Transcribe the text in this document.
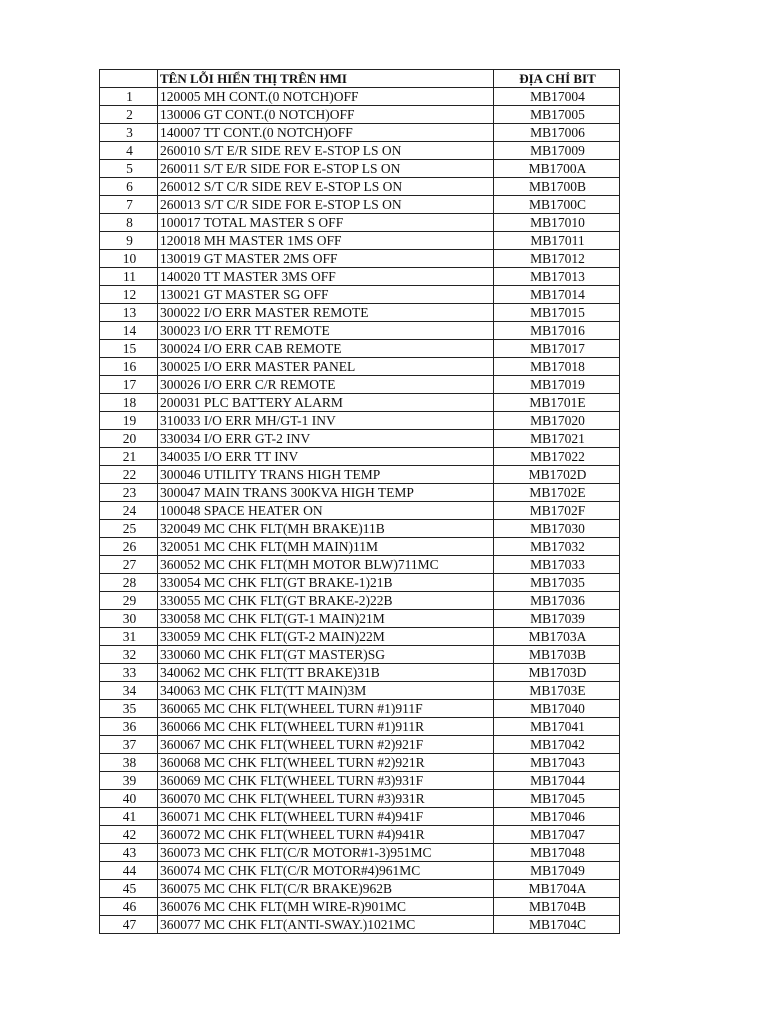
	TÊN LỖI HIỂN THỊ TRÊN HMI	ĐỊA CHỈ BIT
1	120005 MH CONT.(0 NOTCH)OFF	MB17004
2	130006 GT CONT.(0 NOTCH)OFF	MB17005
3	140007 TT CONT.(0 NOTCH)OFF	MB17006
4	260010 S/T E/R SIDE REV E-STOP LS ON	MB17009
5	260011 S/T E/R SIDE FOR E-STOP LS ON	MB1700A
6	260012 S/T C/R SIDE REV E-STOP LS ON	MB1700B
7	260013 S/T C/R SIDE FOR E-STOP LS ON	MB1700C
8	100017 TOTAL MASTER S OFF	MB17010
9	120018 MH MASTER 1MS OFF	MB17011
10	130019 GT MASTER 2MS OFF	MB17012
11	140020 TT MASTER 3MS OFF	MB17013
12	130021 GT MASTER SG OFF	MB17014
13	300022 I/O ERR MASTER REMOTE	MB17015
14	300023 I/O ERR TT REMOTE	MB17016
15	300024 I/O ERR CAB REMOTE	MB17017
16	300025 I/O ERR MASTER PANEL	MB17018
17	300026 I/O ERR C/R REMOTE	MB17019
18	200031 PLC BATTERY ALARM	MB1701E
19	310033 I/O ERR MH/GT-1 INV	MB17020
20	330034 I/O ERR GT-2 INV	MB17021
21	340035 I/O ERR TT INV	MB17022
22	300046 UTILITY TRANS HIGH TEMP	MB1702D
23	300047 MAIN TRANS 300KVA HIGH TEMP	MB1702E
24	100048 SPACE HEATER ON	MB1702F
25	320049 MC CHK FLT(MH BRAKE)11B	MB17030
26	320051 MC CHK FLT(MH MAIN)11M	MB17032
27	360052 MC CHK FLT(MH MOTOR BLW)711MC	MB17033
28	330054 MC CHK FLT(GT BRAKE-1)21B	MB17035
29	330055 MC CHK FLT(GT BRAKE-2)22B	MB17036
30	330058 MC CHK FLT(GT-1 MAIN)21M	MB17039
31	330059 MC CHK FLT(GT-2 MAIN)22M	MB1703A
32	330060 MC CHK FLT(GT MASTER)SG	MB1703B
33	340062 MC CHK FLT(TT BRAKE)31B	MB1703D
34	340063 MC CHK FLT(TT MAIN)3M	MB1703E
35	360065 MC CHK FLT(WHEEL TURN #1)911F	MB17040
36	360066 MC CHK FLT(WHEEL TURN #1)911R	MB17041
37	360067 MC CHK FLT(WHEEL TURN #2)921F	MB17042
38	360068 MC CHK FLT(WHEEL TURN #2)921R	MB17043
39	360069 MC CHK FLT(WHEEL TURN #3)931F	MB17044
40	360070 MC CHK FLT(WHEEL TURN #3)931R	MB17045
41	360071 MC CHK FLT(WHEEL TURN #4)941F	MB17046
42	360072 MC CHK FLT(WHEEL TURN #4)941R	MB17047
43	360073 MC CHK FLT(C/R MOTOR#1-3)951MC	MB17048
44	360074 MC CHK FLT(C/R MOTOR#4)961MC	MB17049
45	360075 MC CHK FLT(C/R BRAKE)962B	MB1704A
46	360076 MC CHK FLT(MH WIRE-R)901MC	MB1704B
47	360077 MC CHK FLT(ANTI-SWAY.)1021MC	MB1704C
